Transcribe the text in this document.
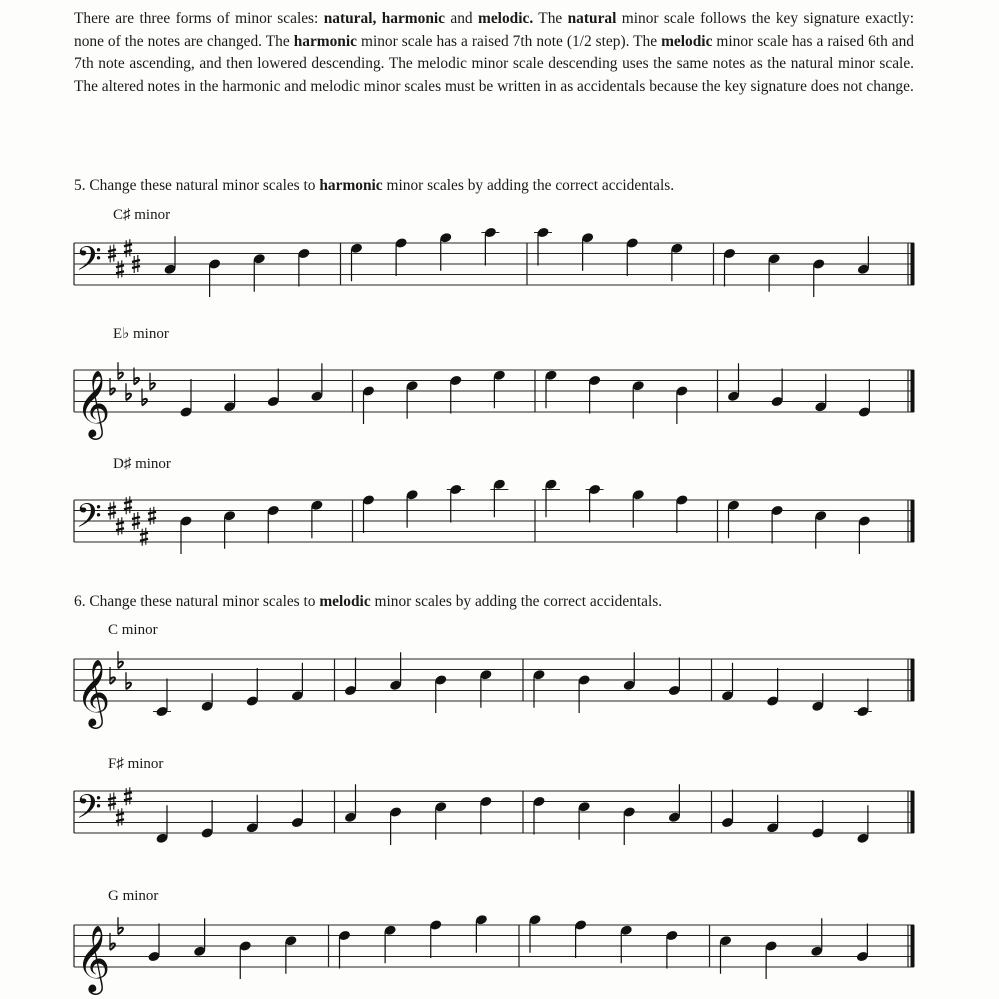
There are three forms of minor scales: natural, harmonic and melodic. The natural minor scale follows the key signature exactly: none of the notes are changed. The harmonic minor scale has a raised 7th note (1/2 step). The melodic minor scale has a raised 6th and 7th note ascending, and then lowered descending. The melodic minor scale descending uses the same notes as the natural minor scale. The altered notes in the harmonic and melodic minor scales must be written in as accidentals because the key signature does not change.
5. Change these natural minor scales to harmonic minor scales by adding the correct accidentals.
6. Change these natural minor scales to melodic minor scales by adding the correct accidentals.
C♯ minor
E♭ minor
D♯ minor
C minor
F♯ minor
G minor
𝄢
𝄞
𝄢
𝄞
𝄢
𝄞
